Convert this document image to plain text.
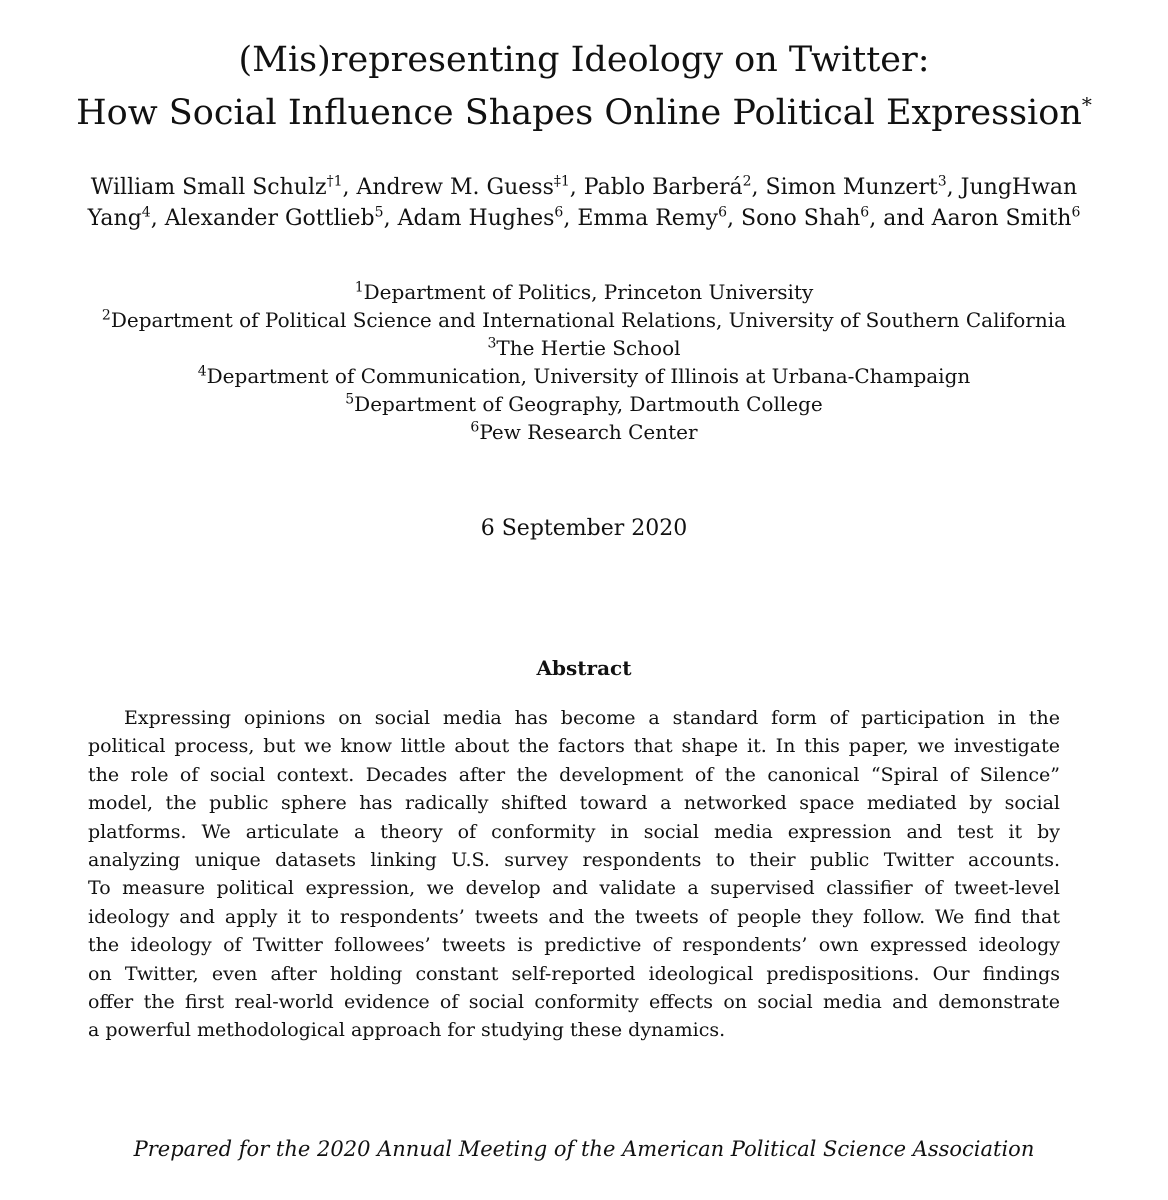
(Mis)representing Ideology on Twitter:
How Social Influence Shapes Online Political Expression*
William Small Schulz$^{\dagger 1}$, Andrew M. Guess$^{\ddagger 1}$, Pablo Barberá$^2$, Simon Munzert$^3$, JungHwan
Yang$^4$, Alexander Gottlieb$^5$, Adam Hughes$^6$, Emma Remy$^6$, Sono Shah$^6$, and Aaron Smith$^6$
$^1$Department of Politics, Princeton University
$^2$Department of Political Science and International Relations, University of Southern California
$^3$The Hertie School
$^4$Department of Communication, University of Illinois at Urbana-Champaign
$^5$Department of Geography, Dartmouth College
$^6$Pew Research Center
6 September 2020
Abstract
Expressing opinions on social media has become a standard form of participation in the
political process, but we know little about the factors that shape it. In this paper, we investigate
the role of social context. Decades after the development of the canonical “Spiral of Silence”
model, the public sphere has radically shifted toward a networked space mediated by social
platforms. We articulate a theory of conformity in social media expression and test it by
analyzing unique datasets linking U.S. survey respondents to their public Twitter accounts.
To measure political expression, we develop and validate a supervised classifier of tweet-level
ideology and apply it to respondents’ tweets and the tweets of people they follow. We find that
the ideology of Twitter followees’ tweets is predictive of respondents’ own expressed ideology
on Twitter, even after holding constant self-reported ideological predispositions. Our findings
offer the first real-world evidence of social conformity effects on social media and demonstrate
a powerful methodological approach for studying these dynamics.
Prepared for the 2020 Annual Meeting of the American Political Science Association
